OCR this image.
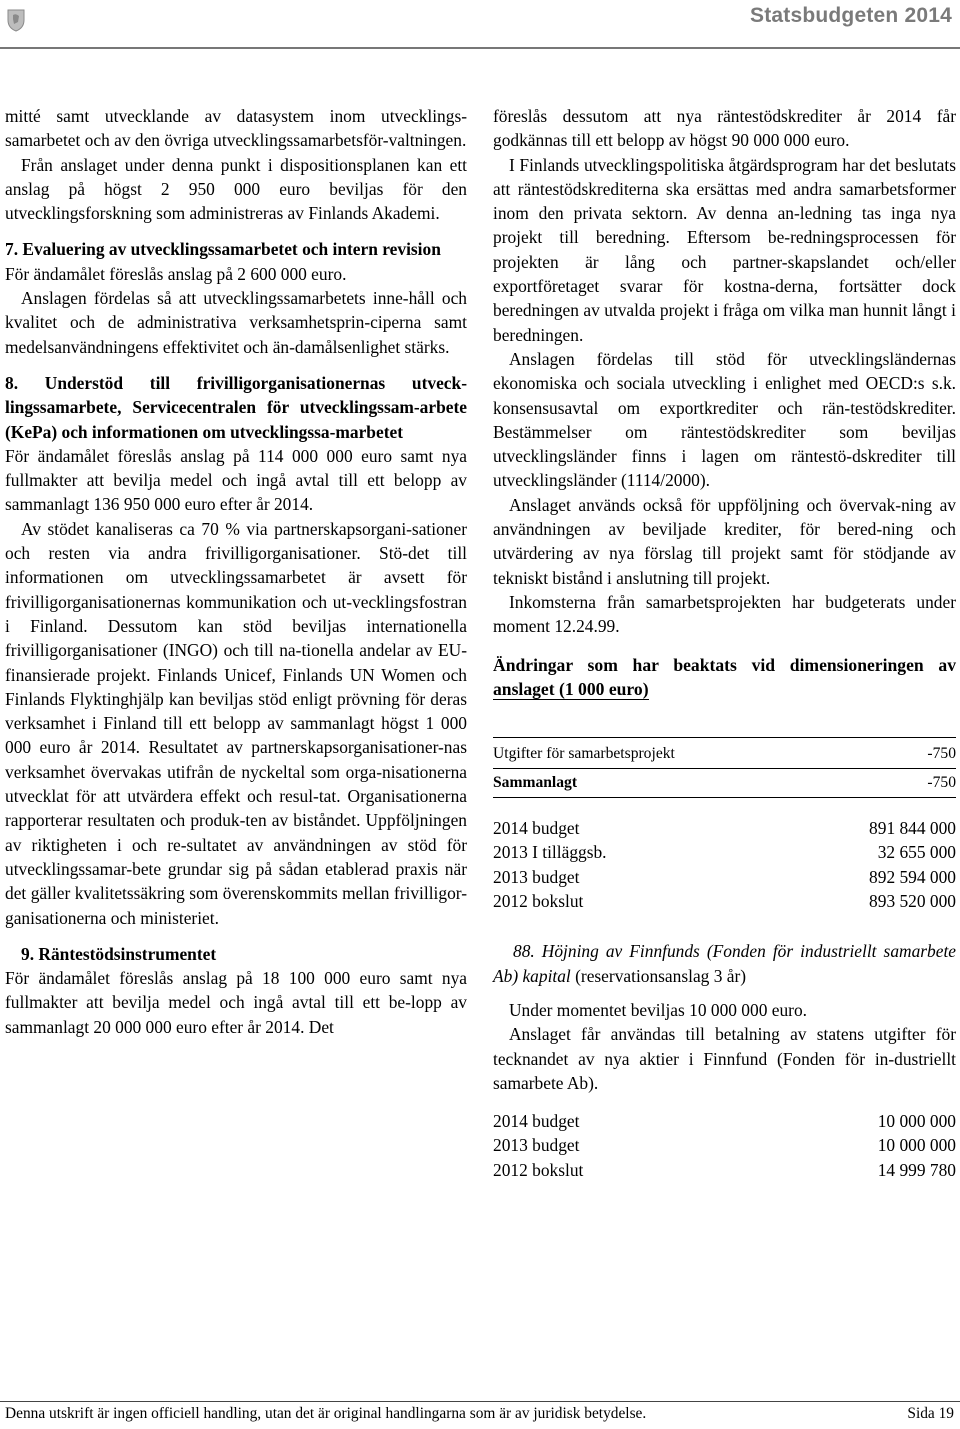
Statsbudgeten 2014

mitté samt utvecklande av datasystem inom utvecklings-samarbetet och av den övriga utvecklingssamarbetsför-valtningen.

Från anslaget under denna punkt i dispositionsplanen kan ett anslag på högst 2 950 000 euro beviljas för den utvecklingsforskning som administreras av Finlands Akademi.

7. Evaluering av utvecklingssamarbetet och intern revision

För ändamålet föreslås anslag på 2 600 000 euro.

Anslagen fördelas så att utvecklingssamarbetets inne-håll och kvalitet och de administrativa verksamhetsprin-ciperna samt medelsanvändningens effektivitet och än-damålsenlighet stärks.

8. Understöd till frivilligorganisationernas utveck-lingssamarbete, Servicecentralen för utvecklingssam-arbete (KePa) och informationen om utvecklingssa-marbetet

För ändamålet föreslås anslag på 114 000 000 euro samt nya fullmakter att bevilja medel och ingå avtal till ett belopp av sammanlagt 136 950 000 euro efter år 2014.

Av stödet kanaliseras ca 70 % via partnerskapsorgani-sationer och resten via andra frivilligorganisationer. Stö-det till informationen om utvecklingssamarbetet är avsett för frivilligorganisationernas kommunikation och ut-vecklingsfostran i Finland. Dessutom kan stöd beviljas internationella frivilligorganisationer (INGO) och till na-tionella andelar av EU-finansierade projekt. Finlands Unicef, Finlands UN Women och Finlands Flyktinghjälp kan beviljas stöd enligt prövning för deras verksamhet i Finland till ett belopp av sammanlagt högst 1 000 000 euro år 2014. Resultatet av partnerskapsorganisationer-nas verksamhet övervakas utifrån de nyckeltal som orga-nisationerna utvecklat för att utvärdera effekt och resul-tat. Organisationerna rapporterar resultaten och produk-ten av biståndet. Uppföljningen av riktigheten i och re-sultatet av användningen av stöd för utvecklingssamar-bete grundar sig på sådan etablerad praxis när det gäller kvalitetssäkring som överenskommits mellan frivilligor-ganisationerna och ministeriet.

9. Räntestödsinstrumentet

För ändamålet föreslås anslag på 18 100 000 euro samt nya fullmakter att bevilja medel och ingå avtal till ett be-lopp av sammanlagt 20 000 000 euro efter år 2014. Det

föreslås dessutom att nya räntestödskrediter år 2014 får godkännas till ett belopp av högst 90 000 000 euro.

I Finlands utvecklingspolitiska åtgärdsprogram har det beslutats att räntestödskrediterna ska ersättas med andra samarbetsformer inom den privata sektorn. Av denna an-ledning tas inga nya projekt till beredning. Eftersom be-redningsprocessen för projekten är lång och partner-skapslandet och/eller exportföretaget svarar för kostna-derna, fortsätter dock beredningen av utvalda projekt i fråga om vilka man hunnit långt i beredningen.

Anslagen fördelas till stöd för utvecklingsländernas ekonomiska och sociala utveckling i enlighet med OECD:s s.k. konsensusavtal om exportkrediter och rän-testödskrediter. Bestämmelser om räntestödskrediter som beviljas utvecklingsländer finns i lagen om räntestö-dskrediter till utvecklingsländer (1114/2000).

Anslaget används också för uppföljning och övervak-ning av användningen av beviljade krediter, för bered-ning och utvärdering av nya förslag till projekt samt för stödjande av tekniskt bistånd i anslutning till projekt.

Inkomsterna från samarbetsprojekten har budgeterats under moment 12.24.99.

Ändringar som har beaktats vid dimensioneringen av
anslaget (1 000 euro)
Utgifter för samarbetsprojekt	-750
Sammanlagt	-750
2014 budget	891 844 000
2013 I tilläggsb.	32 655 000
2013 budget	892 594 000
2012 bokslut	893 520 000

88. Höjning av Finnfunds (Fonden för industriellt samarbete Ab) kapital (reservationsanslag 3 år)

Under momentet beviljas 10 000 000 euro.

Anslaget får användas till betalning av statens utgifter för tecknandet av nya aktier i Finnfund (Fonden för in-dustriellt samarbete Ab).

2014 budget	10 000 000
2013 budget	10 000 000
2012 bokslut	14 999 780
Denna utskrift är ingen officiell handling, utan det är original handlingarna som är av juridisk betydelse.	Sida 19
